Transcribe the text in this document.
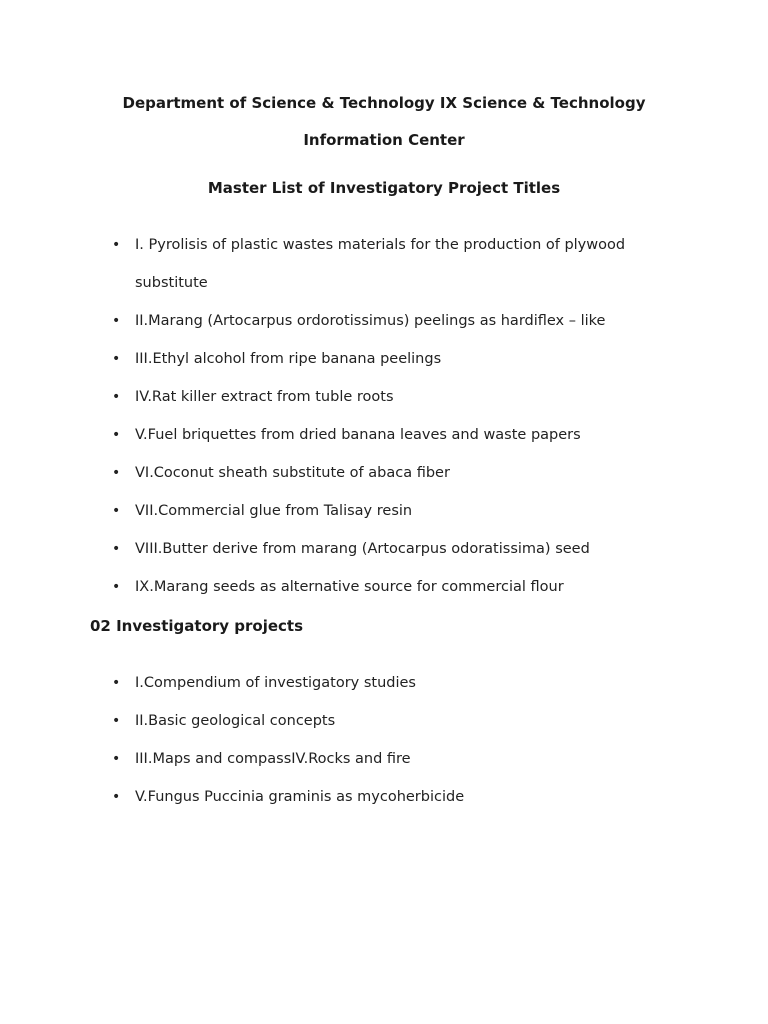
Department of Science & Technology IX Science & Technology
Information Center
Master List of Investigatory Project Titles
• I. Pyrolisis of plastic wastes materials for the production of plywood substitute
• II.Marang (Artocarpus ordorotissimus) peelings as hardiflex – like
• III.Ethyl alcohol from ripe banana peelings
• IV.Rat killer extract from tuble roots
• V.Fuel briquettes from dried banana leaves and waste papers
• VI.Coconut sheath substitute of abaca fiber
• VII.Commercial glue from Talisay resin
• VIII.Butter derive from marang (Artocarpus odoratissima) seed
• IX.Marang seeds as alternative source for commercial flour
02 Investigatory projects
• I.Compendium of investigatory studies
• II.Basic geological concepts
• III.Maps and compassIV.Rocks and fire
• V.Fungus Puccinia graminis as mycoherbicide
